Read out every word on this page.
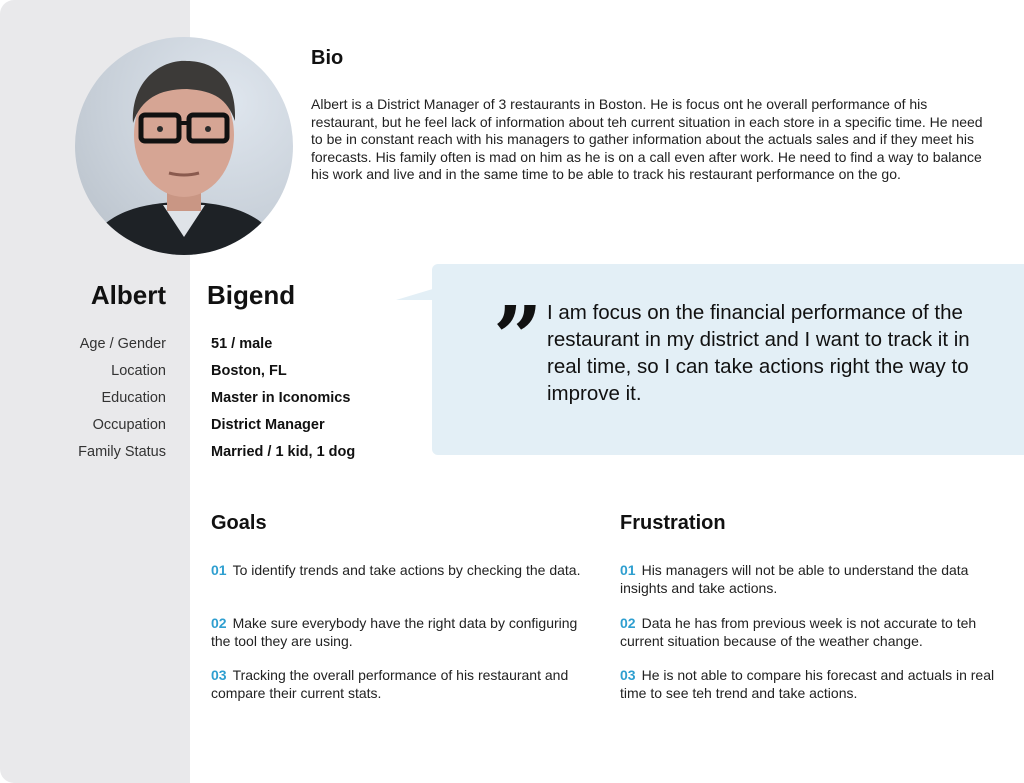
Bio

Albert is a District Manager of 3 restaurants in Boston. He is focus ont he overall performance of his restaurant, but he feel lack of information about teh current situation in each store in a specific time. He need to be in constant reach with his managers to gather information about the actuals sales and if they meet his forecasts. His family often is mad on him as he is on a call even after work. He need to find a way to balance his work and live and in the same time to be able to track his restaurant performance on the go.

Albert Bigend
Age / Gender	51 / male
Location	Boston, FL
Education	Master in Iconomics
Occupation	District Manager
Family Status	Married / 1 kid, 1 dog
” I am focus on the financial performance of the restaurant in my district and I want to track it in real time, so I can take actions right the way to improve it.

Goals
01 To identify trends and take actions by checking the data.
02 Make sure everybody have the right data by configuring the tool they are using.
03 Tracking the overall performance of his restaurant and compare their current stats.
Frustration
01 His managers will not be able to understand the data insights and take actions.
02 Data he has from previous week is not accurate to teh current situation because of the weather change.
03 He is not able to compare his forecast and actuals in real time to see teh trend and take actions.
